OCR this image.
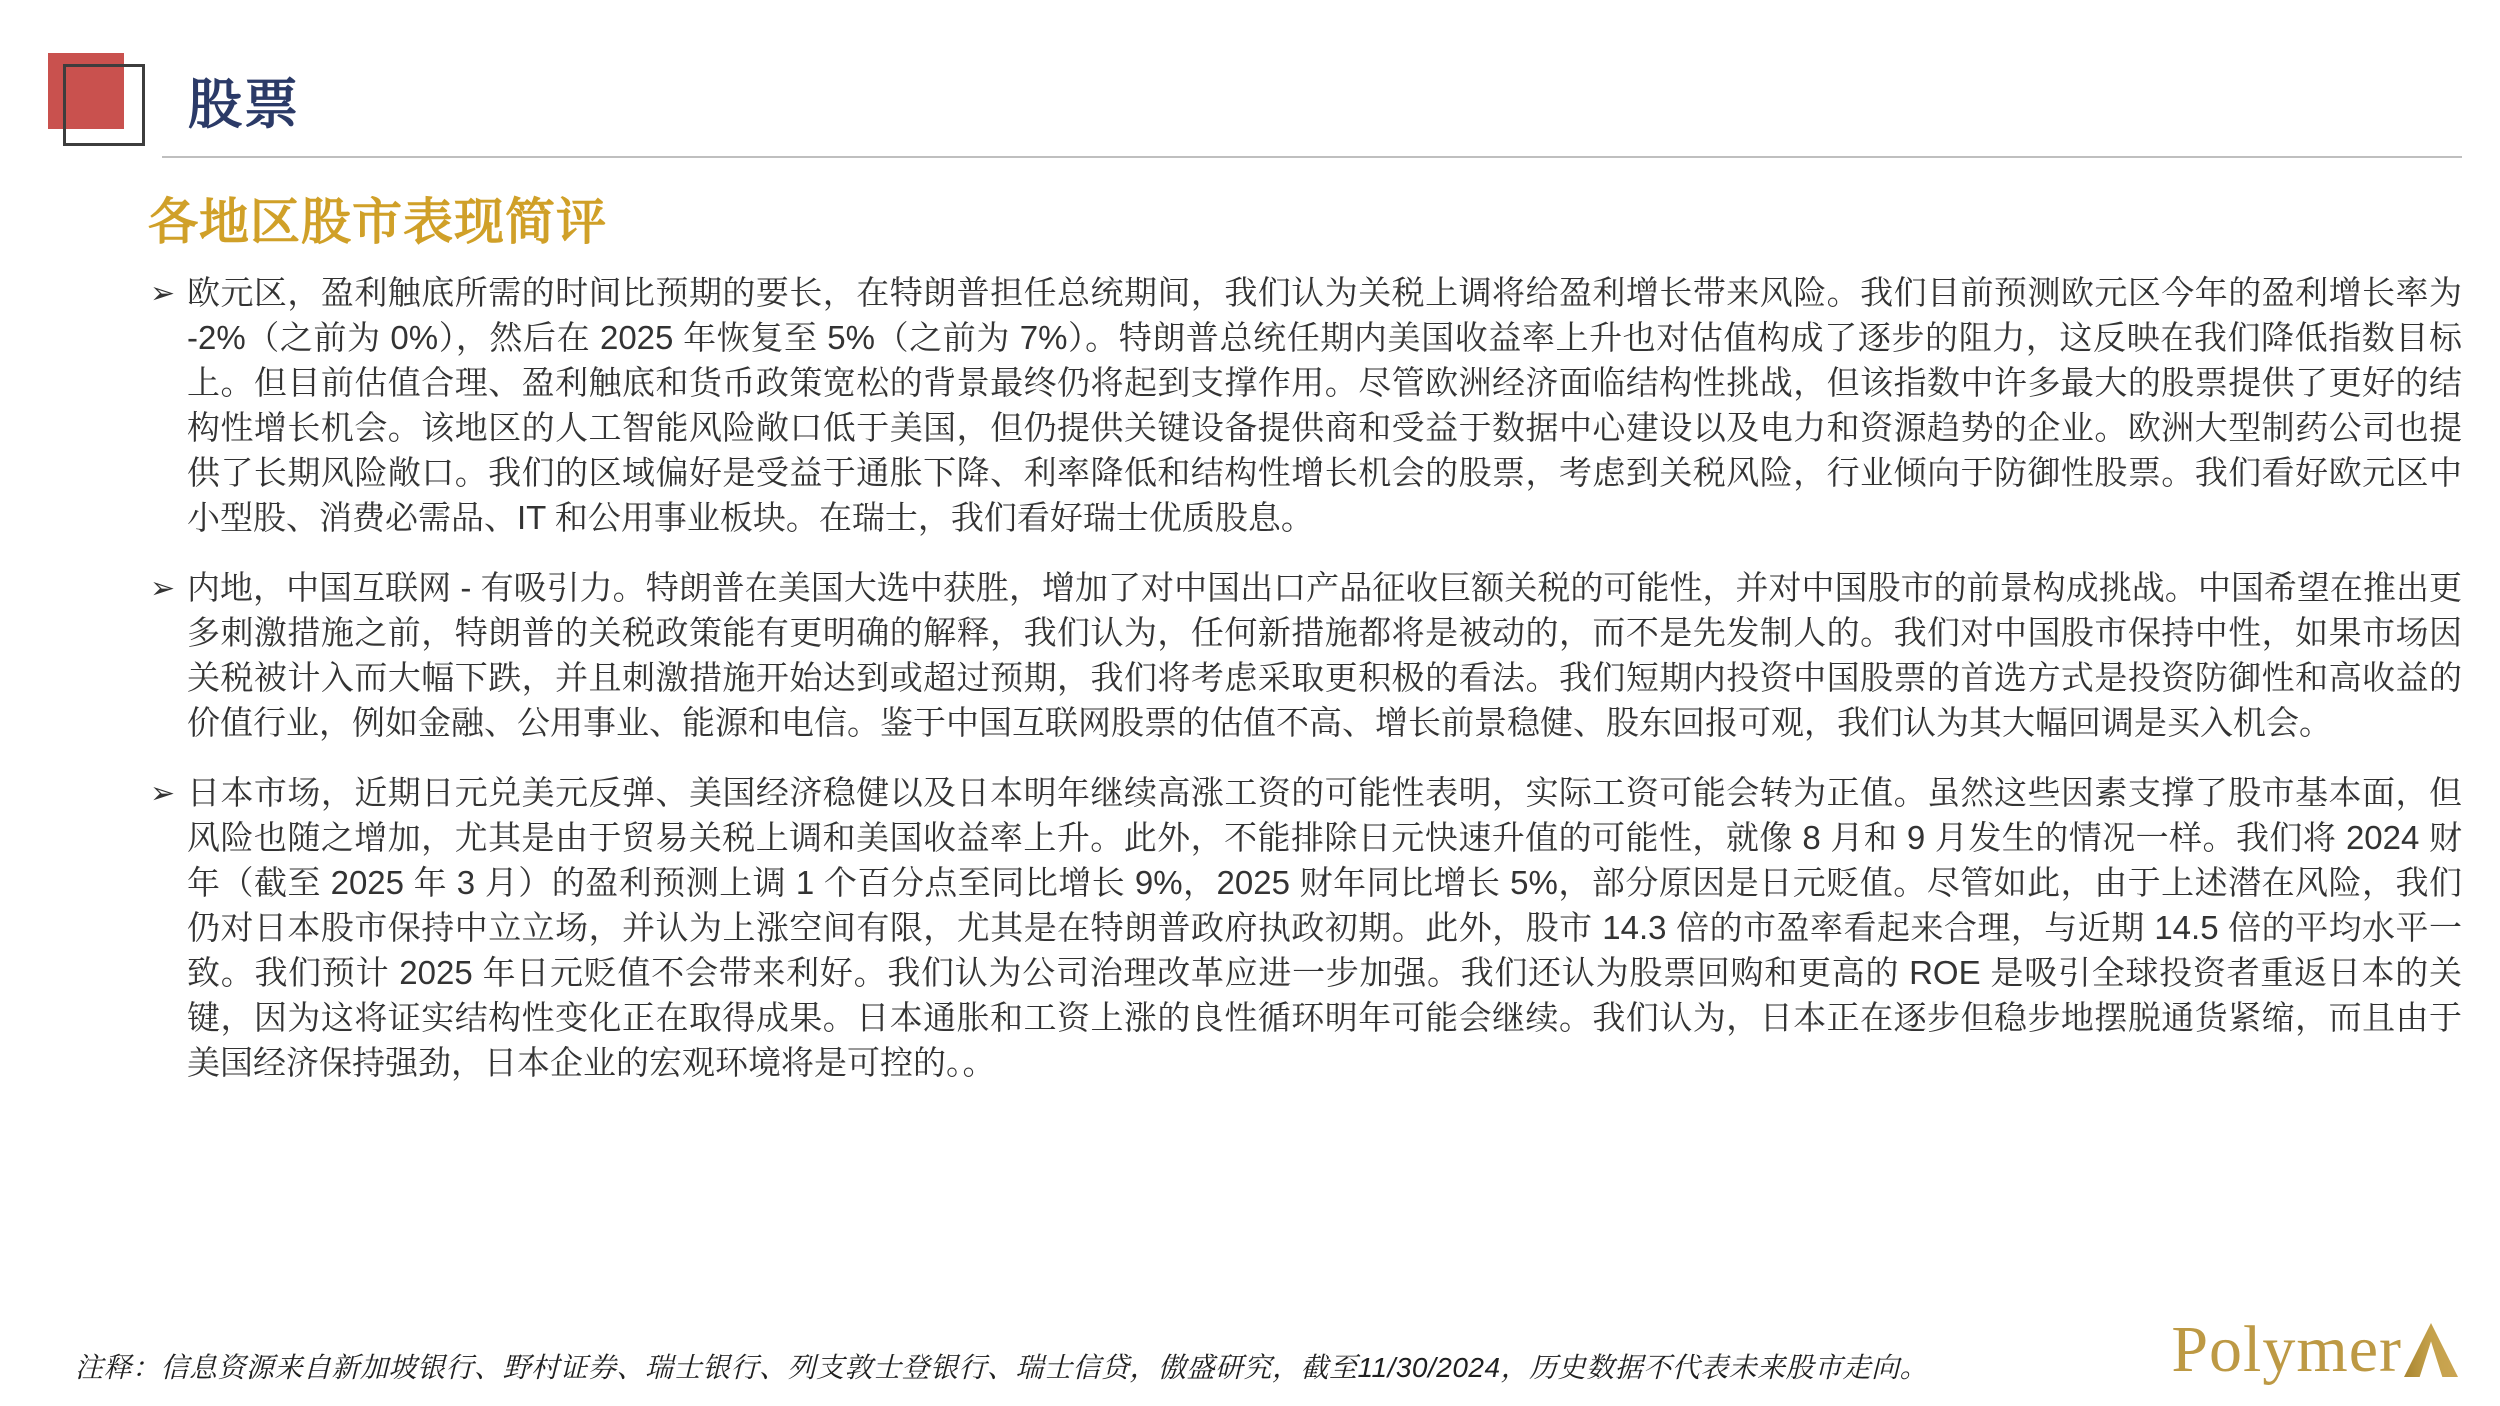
股票
各地区股市表现简评

➢ 欧元区，盈利触底所需的时间比预期的要长，在特朗普担任总统期间，我们认为关税上调将给盈利增长带来风险。我们目前预测欧元区今年的盈利增长率为 -2%（之前为 0%），然后在 2025 年恢复至 5%（之前为 7%）。特朗普总统任期内美国收益率上升也对估值构成了逐步的阻力，这反映在我们降低指数目标上。但目前估值合理、盈利触底和货币政策宽松的背景最终仍将起到支撑作用。尽管欧洲经济面临结构性挑战，但该指数中许多最大的股票提供了更好的结构性增长机会。该地区的人工智能风险敞口低于美国，但仍提供关键设备提供商和受益于数据中心建设以及电力和资源趋势的企业。欧洲大型制药公司也提供了长期风险敞口。我们的区域偏好是受益于通胀下降、利率降低和结构性增长机会的股票，考虑到关税风险，行业倾向于防御性股票。我们看好欧元区中小型股、消费必需品、IT 和公用事业板块。在瑞士，我们看好瑞士优质股息。

➢ 内地，中国互联网 - 有吸引力。特朗普在美国大选中获胜，增加了对中国出口产品征收巨额关税的可能性，并对中国股市的前景构成挑战。中国希望在推出更多刺激措施之前，特朗普的关税政策能有更明确的解释，我们认为，任何新措施都将是被动的，而不是先发制人的。我们对中国股市保持中性，如果市场因关税被计入而大幅下跌，并且刺激措施开始达到或超过预期，我们将考虑采取更积极的看法。我们短期内投资中国股票的首选方式是投资防御性和高收益的价值行业，例如金融、公用事业、能源和电信。鉴于中国互联网股票的估值不高、增长前景稳健、股东回报可观，我们认为其大幅回调是买入机会。

➢ 日本市场，近期日元兑美元反弹、美国经济稳健以及日本明年继续高涨工资的可能性表明，实际工资可能会转为正值。虽然这些因素支撑了股市基本面，但风险也随之增加，尤其是由于贸易关税上调和美国收益率上升。此外，不能排除日元快速升值的可能性，就像 8 月和 9 月发生的情况一样。我们将 2024 财年（截至 2025 年 3 月）的盈利预测上调 1 个百分点至同比增长 9%，2025 财年同比增长 5%，部分原因是日元贬值。尽管如此，由于上述潜在风险，我们仍对日本股市保持中立立场，并认为上涨空间有限，尤其是在特朗普政府执政初期。此外，股市 14.3 倍的市盈率看起来合理，与近期 14.5 倍的平均水平一致。我们预计 2025 年日元贬值不会带来利好。我们认为公司治理改革应进一步加强。我们还认为股票回购和更高的 ROE 是吸引全球投资者重返日本的关键，因为这将证实结构性变化正在取得成果。日本通胀和工资上涨的良性循环明年可能会继续。我们认为，日本正在逐步但稳步地摆脱通货紧缩，而且由于美国经济保持强劲，日本企业的宏观环境将是可控的。。

注释：信息资源来自新加坡银行、野村证券、瑞士银行、列支敦士登银行、瑞士信贷，傲盛研究，截至11/30/2024，历史数据不代表未来股市走向。	Polymer
